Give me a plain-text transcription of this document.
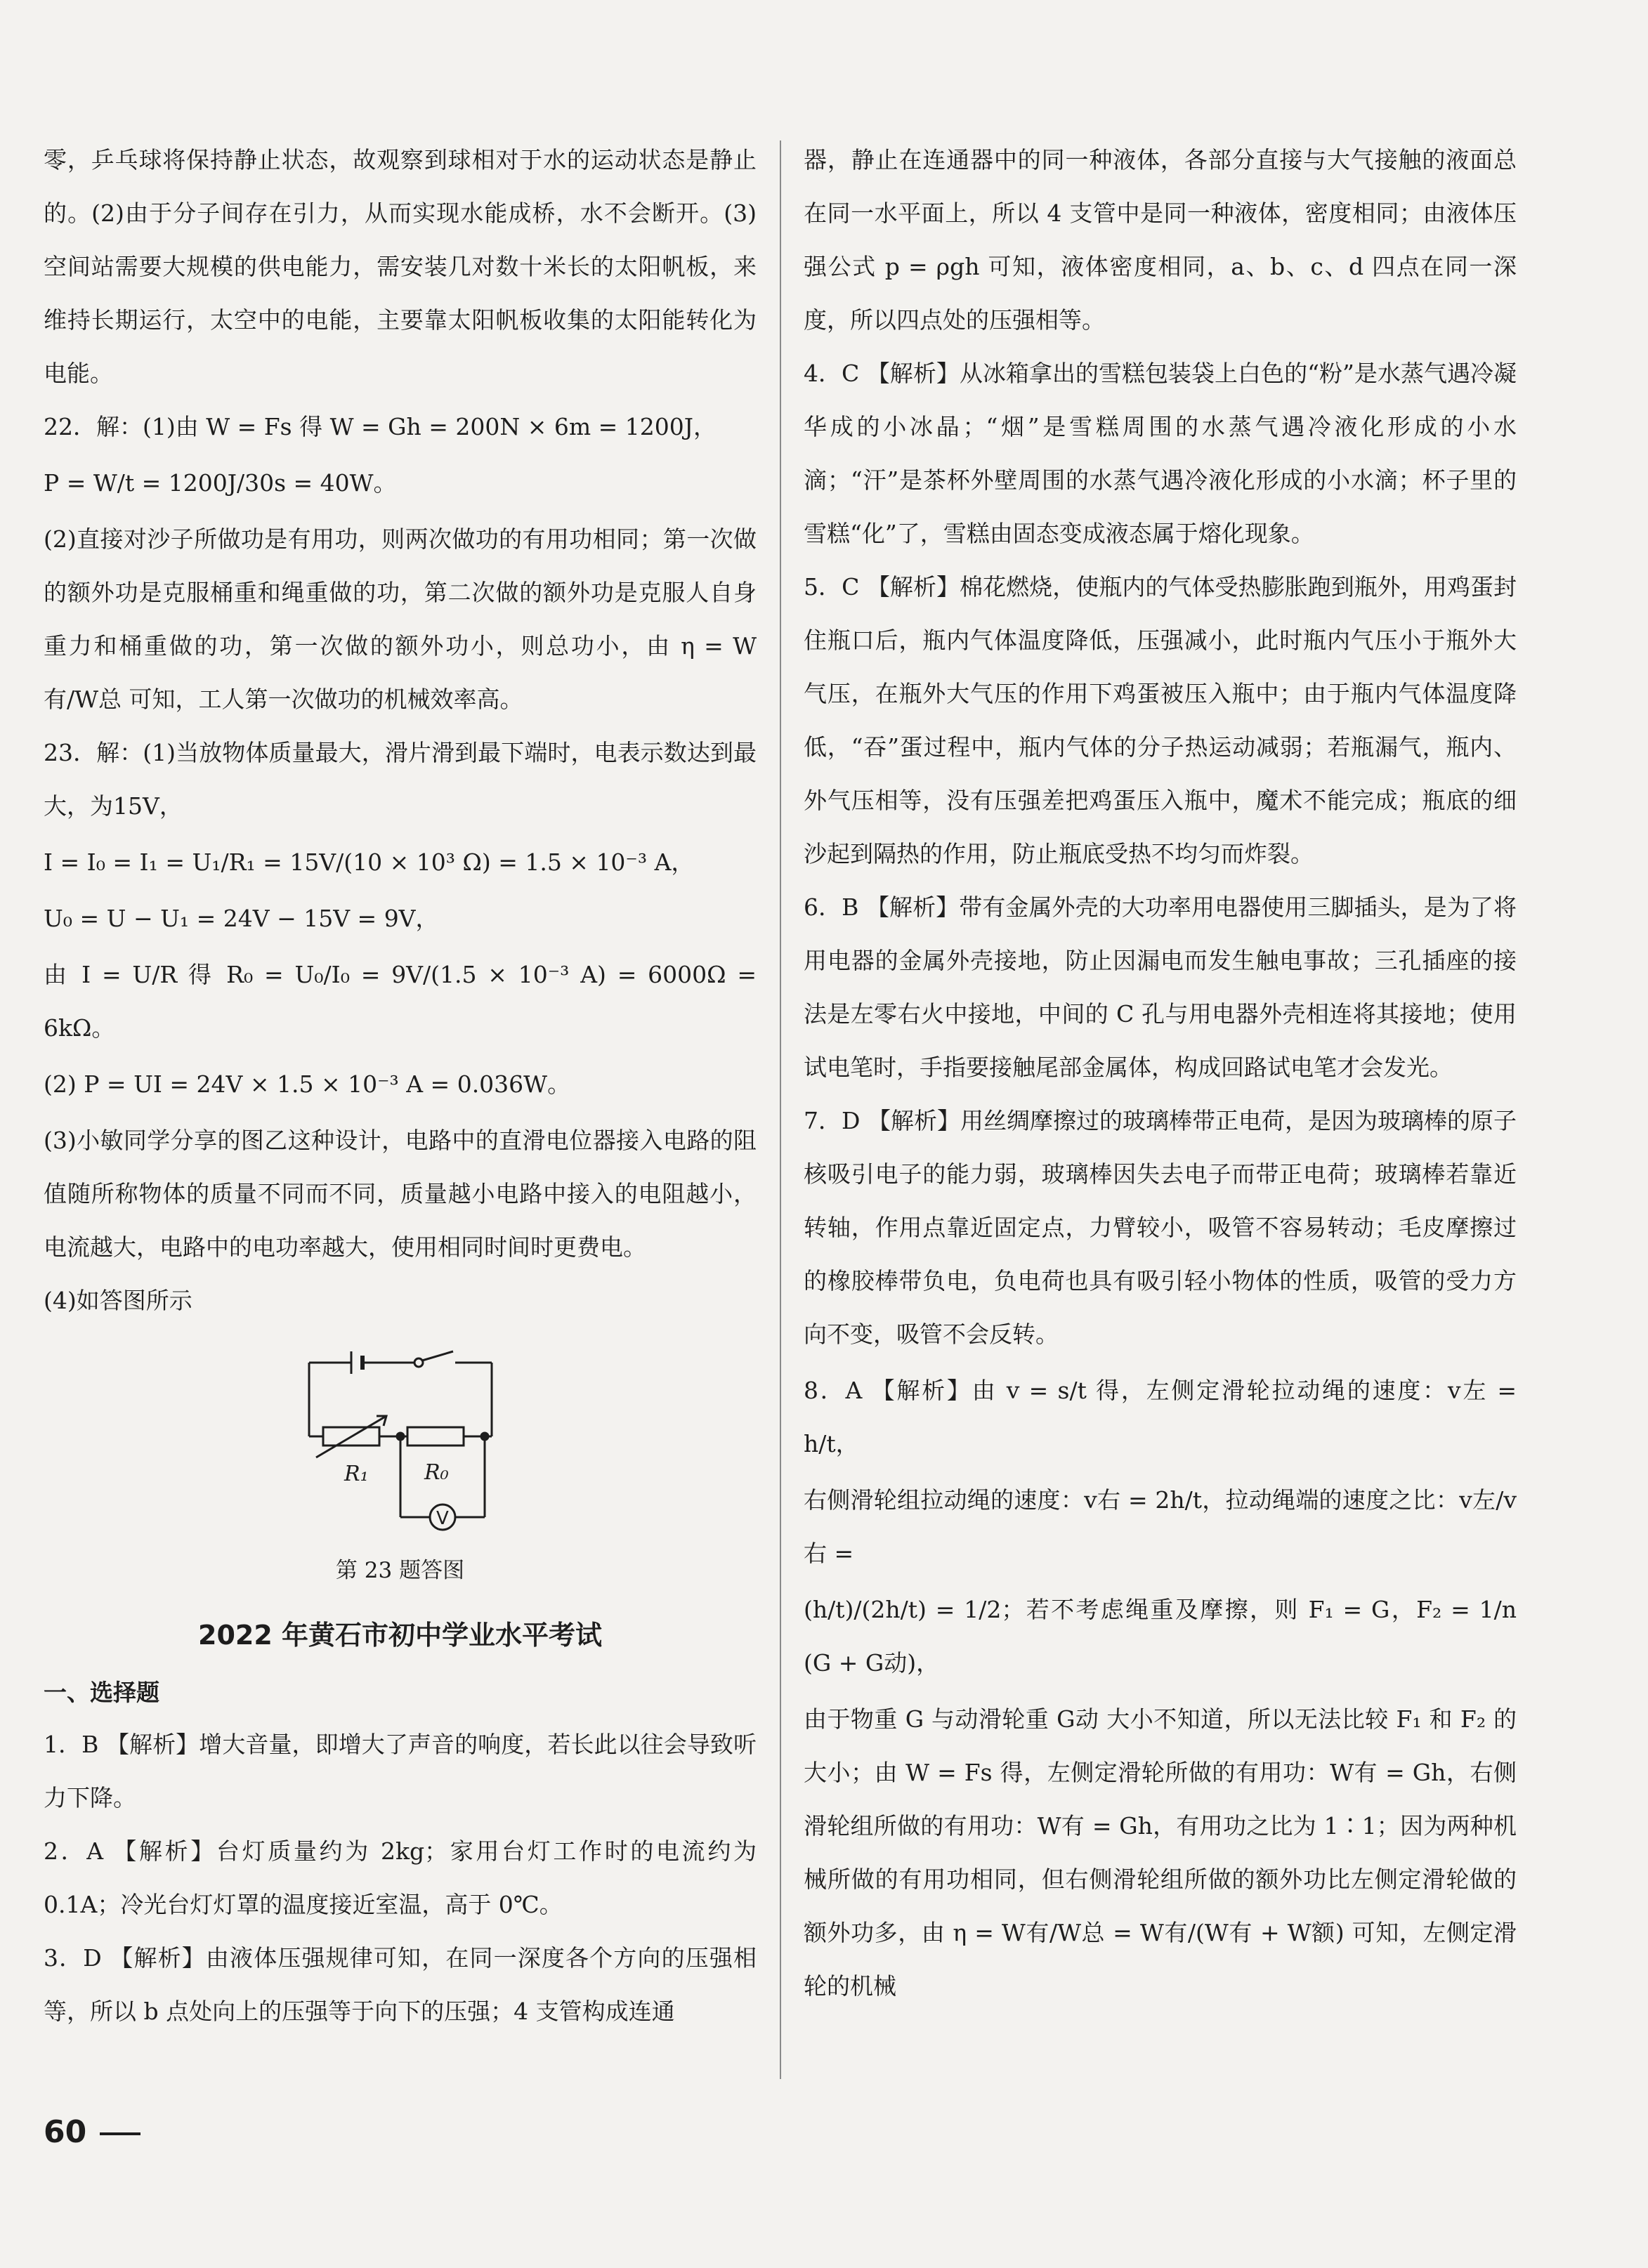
零，乒乓球将保持静止状态，故观察到球相对于水的运动状态是静止的。(2)由于分子间存在引力，从而实现水能成桥，水不会断开。(3)空间站需要大规模的供电能力，需安装几对数十米长的太阳帆板，来维持长期运行，太空中的电能，主要靠太阳帆板收集的太阳能转化为电能。

22．解：(1)由 W = Fs 得 W = Gh = 200N × 6m = 1200J，

P = W/t = 1200J/30s = 40W。

(2)直接对沙子所做功是有用功，则两次做功的有用功相同；第一次做的额外功是克服桶重和绳重做的功，第二次做的额外功是克服人自身重力和桶重做的功，第一次做的额外功小，则总功小，由 η = W有/W总 可知，工人第一次做功的机械效率高。

23．解：(1)当放物体质量最大，滑片滑到最下端时，电表示数达到最大，为15V，

I = I₀ = I₁ = U₁/R₁ = 15V/(10 × 10³ Ω) = 1.5 × 10⁻³ A，

U₀ = U − U₁ = 24V − 15V = 9V，

由 I = U/R 得 R₀ = U₀/I₀ = 9V/(1.5 × 10⁻³ A) = 6000Ω = 6kΩ。

(2) P = UI = 24V × 1.5 × 10⁻³ A = 0.036W。

(3)小敏同学分享的图乙这种设计，电路中的直滑电位器接入电路的阻值随所称物体的质量不同而不同，质量越小电路中接入的电阻越小，电流越大，电路中的电功率越大，使用相同时间时更费电。

(4)如答图所示

R₁	R₀
V
第 23 题答图
2022 年黄石市初中学业水平考试
一、选择题

1．B 【解析】增大音量，即增大了声音的响度，若长此以往会导致听力下降。

2．A 【解析】台灯质量约为 2kg；家用台灯工作时的电流约为 0.1A；冷光台灯灯罩的温度接近室温，高于 0℃。

3．D 【解析】由液体压强规律可知，在同一深度各个方向的压强相等，所以 b 点处向上的压强等于向下的压强；4 支管构成连通

器，静止在连通器中的同一种液体，各部分直接与大气接触的液面总在同一水平面上，所以 4 支管中是同一种液体，密度相同；由液体压强公式 p = ρgh 可知，液体密度相同，a、b、c、d 四点在同一深度，所以四点处的压强相等。

4．C 【解析】从冰箱拿出的雪糕包装袋上白色的“粉”是水蒸气遇冷凝华成的小冰晶；“烟”是雪糕周围的水蒸气遇冷液化形成的小水滴；“汗”是茶杯外壁周围的水蒸气遇冷液化形成的小水滴；杯子里的雪糕“化”了，雪糕由固态变成液态属于熔化现象。

5．C 【解析】棉花燃烧，使瓶内的气体受热膨胀跑到瓶外，用鸡蛋封住瓶口后，瓶内气体温度降低，压强减小，此时瓶内气压小于瓶外大气压，在瓶外大气压的作用下鸡蛋被压入瓶中；由于瓶内气体温度降低，“吞”蛋过程中，瓶内气体的分子热运动减弱；若瓶漏气，瓶内、外气压相等，没有压强差把鸡蛋压入瓶中，魔术不能完成；瓶底的细沙起到隔热的作用，防止瓶底受热不均匀而炸裂。

6．B 【解析】带有金属外壳的大功率用电器使用三脚插头，是为了将用电器的金属外壳接地，防止因漏电而发生触电事故；三孔插座的接法是左零右火中接地，中间的 C 孔与用电器外壳相连将其接地；使用试电笔时，手指要接触尾部金属体，构成回路试电笔才会发光。

7．D 【解析】用丝绸摩擦过的玻璃棒带正电荷，是因为玻璃棒的原子核吸引电子的能力弱，玻璃棒因失去电子而带正电荷；玻璃棒若靠近转轴，作用点靠近固定点，力臂较小，吸管不容易转动；毛皮摩擦过的橡胶棒带负电，负电荷也具有吸引轻小物体的性质，吸管的受力方向不变，吸管不会反转。

8．A 【解析】由 v = s/t 得，左侧定滑轮拉动绳的速度：v左 = h/t，

右侧滑轮组拉动绳的速度：v右 = 2h/t，拉动绳端的速度之比：v左/v右 =

(h/t)/(2h/t) = 1/2；若不考虑绳重及摩擦，则 F₁ = G，F₂ = 1/n (G + G动)，

由于物重 G 与动滑轮重 G动 大小不知道，所以无法比较 F₁ 和 F₂ 的大小；由 W = Fs 得，左侧定滑轮所做的有用功：W有 = Gh，右侧滑轮组所做的有用功：W有 = Gh，有用功之比为 1∶1；因为两种机械所做的有用功相同，但右侧滑轮组所做的额外功比左侧定滑轮做的额外功多，由 η = W有/W总 = W有/(W有 + W额) 可知，左侧定滑轮的机械

60
